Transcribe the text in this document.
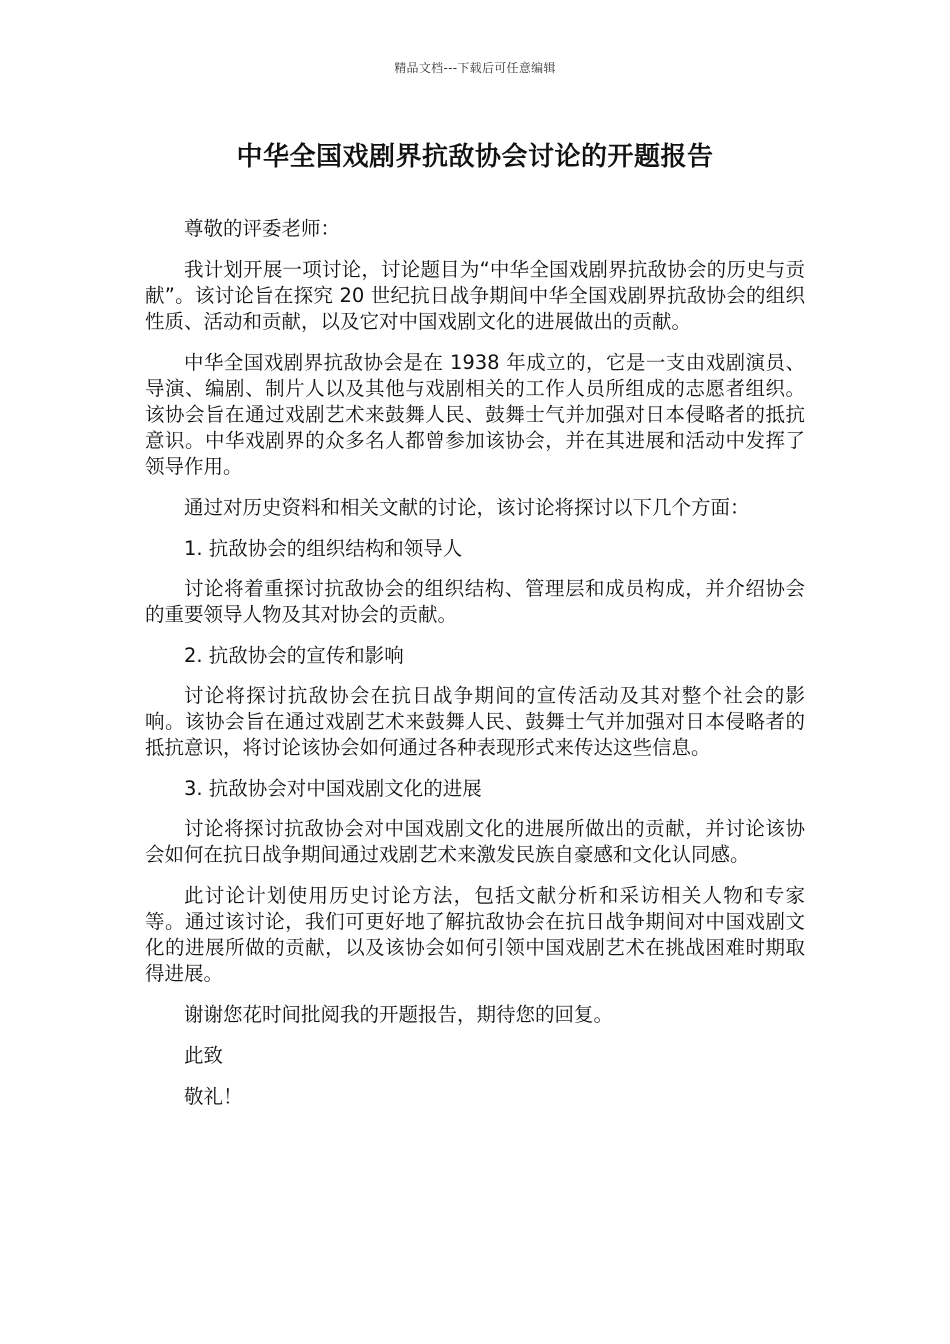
精品文档---下载后可任意编辑
中华全国戏剧界抗敌协会讨论的开题报告

尊敬的评委老师：

我计划开展一项讨论，讨论题目为“中华全国戏剧界抗敌协会的历史与贡献”。该讨论旨在探究 20 世纪抗日战争期间中华全国戏剧界抗敌协会的组织性质、活动和贡献，以及它对中国戏剧文化的进展做出的贡献。

中华全国戏剧界抗敌协会是在 1938 年成立的，它是一支由戏剧演员、导演、编剧、制片人以及其他与戏剧相关的工作人员所组成的志愿者组织。该协会旨在通过戏剧艺术来鼓舞人民、鼓舞士气并加强对日本侵略者的抵抗意识。中华戏剧界的众多名人都曾参加该协会，并在其进展和活动中发挥了领导作用。

通过对历史资料和相关文献的讨论，该讨论将探讨以下几个方面：

1. 抗敌协会的组织结构和领导人

讨论将着重探讨抗敌协会的组织结构、管理层和成员构成，并介绍协会的重要领导人物及其对协会的贡献。

2. 抗敌协会的宣传和影响

讨论将探讨抗敌协会在抗日战争期间的宣传活动及其对整个社会的影响。该协会旨在通过戏剧艺术来鼓舞人民、鼓舞士气并加强对日本侵略者的抵抗意识，将讨论该协会如何通过各种表现形式来传达这些信息。

3. 抗敌协会对中国戏剧文化的进展

讨论将探讨抗敌协会对中国戏剧文化的进展所做出的贡献，并讨论该协会如何在抗日战争期间通过戏剧艺术来激发民族自豪感和文化认同感。

此讨论计划使用历史讨论方法，包括文献分析和采访相关人物和专家等。通过该讨论，我们可更好地了解抗敌协会在抗日战争期间对中国戏剧文化的进展所做的贡献，以及该协会如何引领中国戏剧艺术在挑战困难时期取得进展。

谢谢您花时间批阅我的开题报告，期待您的回复。

此致

敬礼！
